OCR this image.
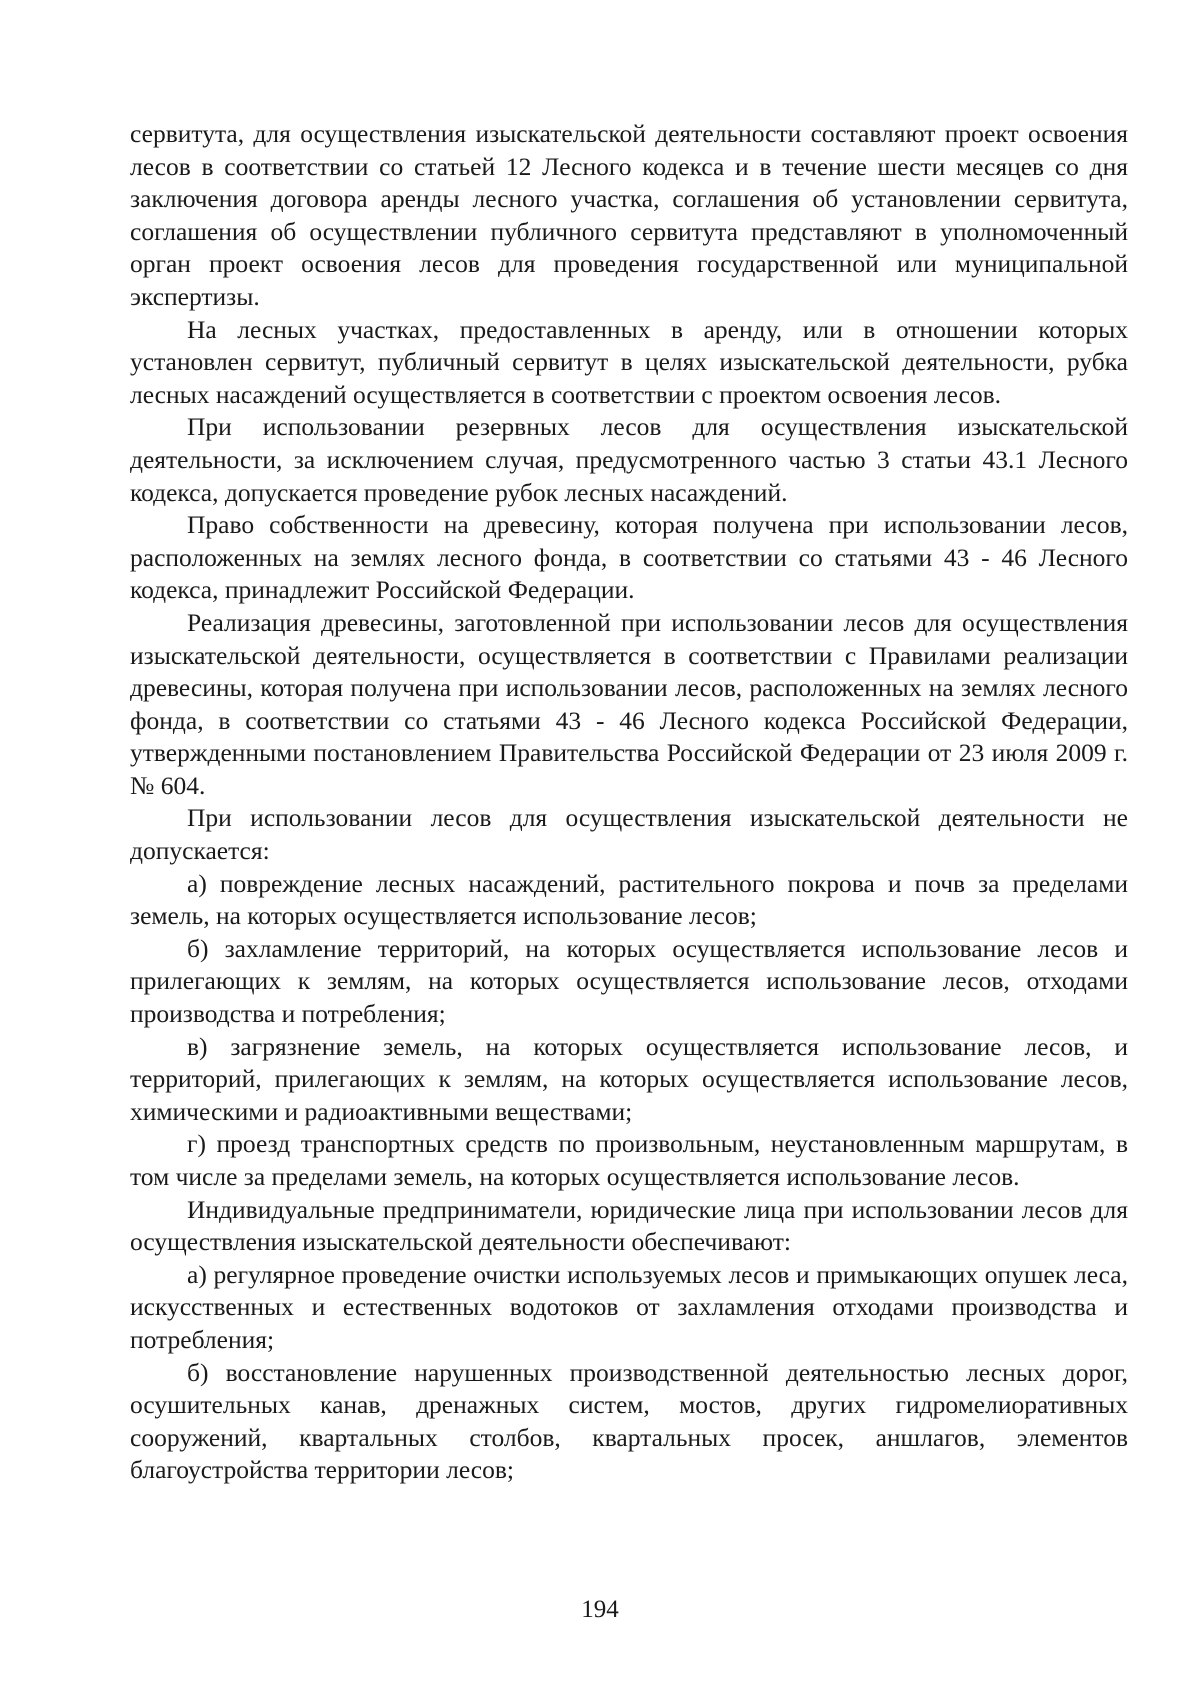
сервитута, для осуществления изыскательской деятельности составляют проект освоения лесов в соответствии со статьей 12 Лесного кодекса и в течение шести месяцев со дня заключения договора аренды лесного участка, соглашения об установлении сервитута, соглашения об осуществлении публичного сервитута представляют в уполномоченный орган проект освоения лесов для проведения государственной или муниципальной экспертизы.

На лесных участках, предоставленных в аренду, или в отношении которых установлен сервитут, публичный сервитут в целях изыскательской деятельности, рубка лесных насаждений осуществляется в соответствии с проектом освоения лесов.

При использовании резервных лесов для осуществления изыскательской деятельности, за исключением случая, предусмотренного частью 3 статьи 43.1 Лесного кодекса, допускается проведение рубок лесных насаждений.

Право собственности на древесину, которая получена при использовании лесов, расположенных на землях лесного фонда, в соответствии со статьями 43 - 46 Лесного кодекса, принадлежит Российской Федерации.

Реализация древесины, заготовленной при использовании лесов для осуществления изыскательской деятельности, осуществляется в соответствии с Правилами реализации древесины, которая получена при использовании лесов, расположенных на землях лесного фонда, в соответствии со статьями 43 - 46 Лесного кодекса Российской Федерации, утвержденными постановлением Правительства Российской Федерации от 23 июля 2009 г. № 604.

При использовании лесов для осуществления изыскательской деятельности не допускается:

а) повреждение лесных насаждений, растительного покрова и почв за пределами земель, на которых осуществляется использование лесов;

б) захламление территорий, на которых осуществляется использование лесов и прилегающих к землям, на которых осуществляется использование лесов, отходами производства и потребления;

в) загрязнение земель, на которых осуществляется использование лесов, и территорий, прилегающих к землям, на которых осуществляется использование лесов, химическими и радиоактивными веществами;

г) проезд транспортных средств по произвольным, неустановленным маршрутам, в том числе за пределами земель, на которых осуществляется использование лесов.

Индивидуальные предприниматели, юридические лица при использовании лесов для осуществления изыскательской деятельности обеспечивают:

а) регулярное проведение очистки используемых лесов и примыкающих опушек леса, искусственных и естественных водотоков от захламления отходами производства и потребления;

б) восстановление нарушенных производственной деятельностью лесных дорог, осушительных канав, дренажных систем, мостов, других гидромелиоративных сооружений, квартальных столбов, квартальных просек, аншлагов, элементов благоустройства территории лесов;

194
